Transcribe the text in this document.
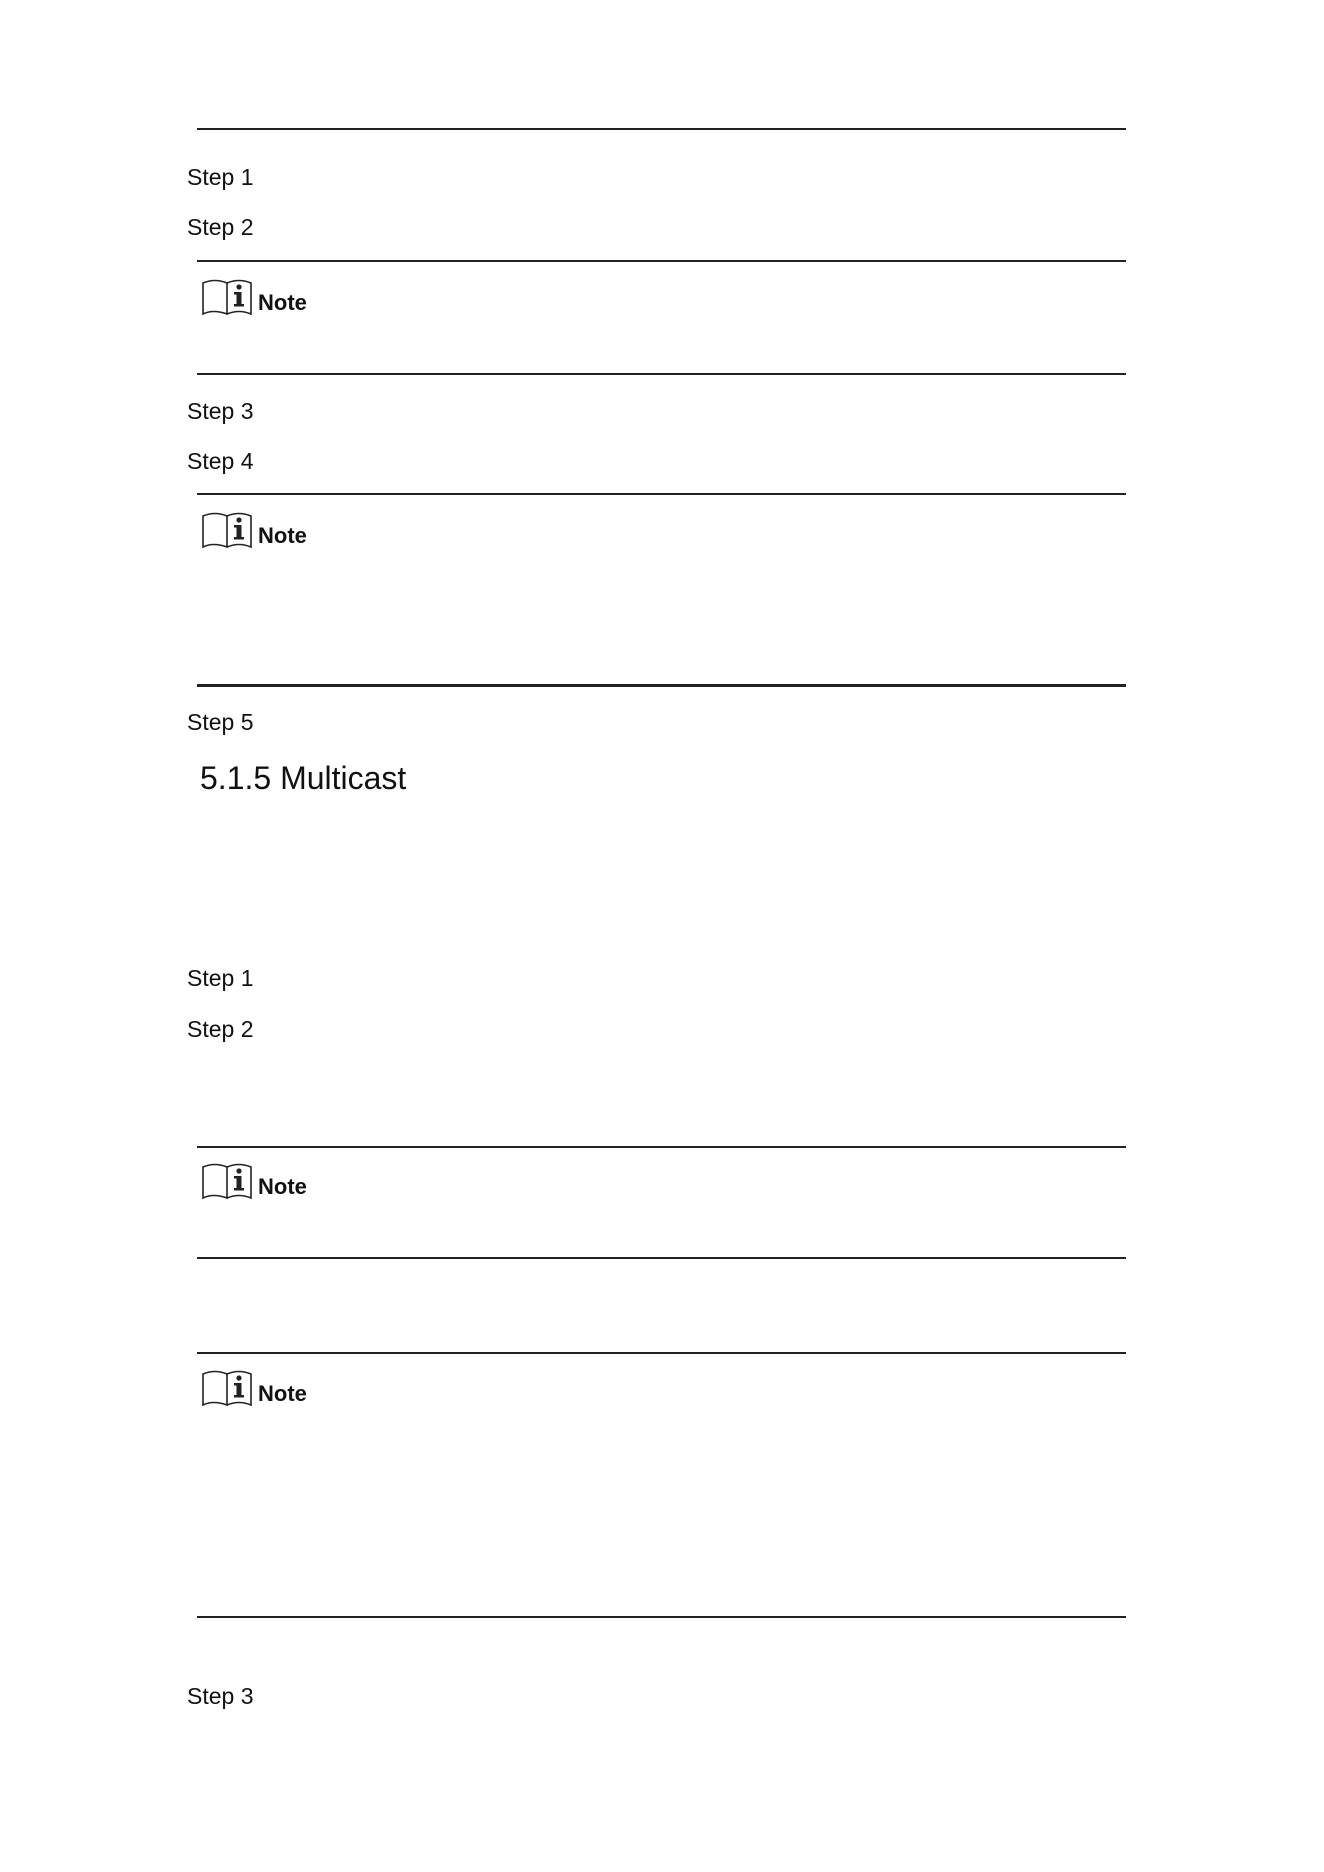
Step 1
Step 2
Note
Step 3
Step 4
Note
Step 5
5.1.5 Multicast
Step 1
Step 2
Note
Note
Step 3
